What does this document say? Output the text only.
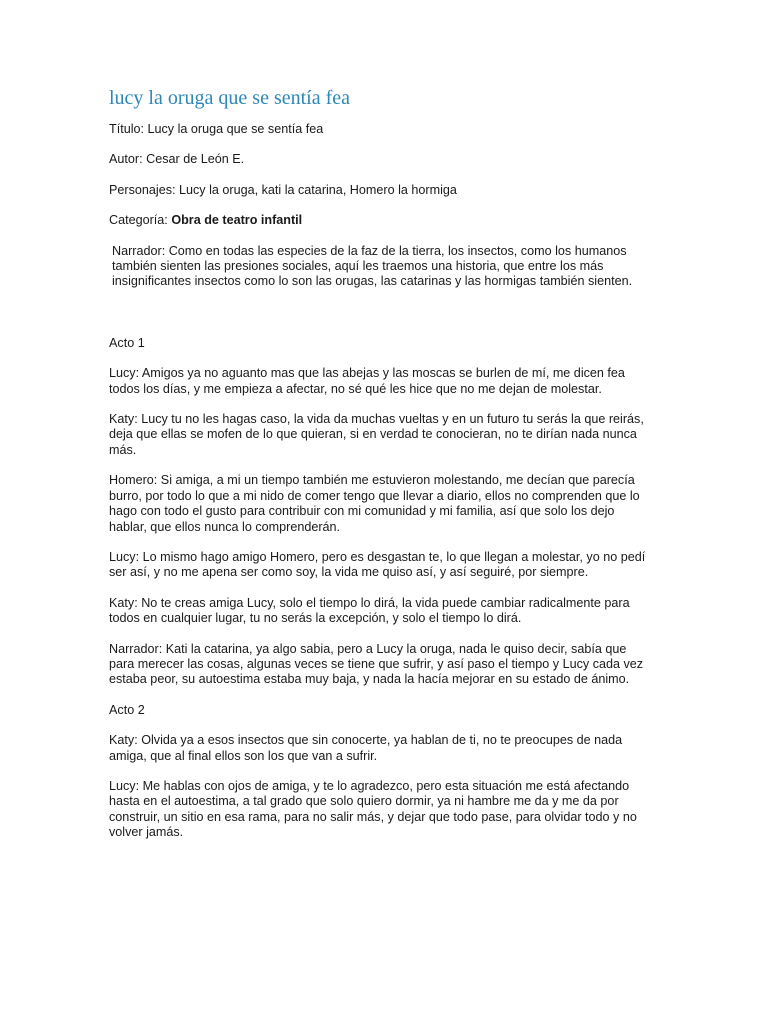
lucy la oruga que se sentía fea

Título: Lucy la oruga que se sentía fea

Autor: Cesar de León E.

Personajes: Lucy la oruga, kati la catarina, Homero la hormiga

Categoría: Obra de teatro infantil

Narrador: Como en todas las especies de la faz de la tierra, los insectos, como los humanos también sienten las presiones sociales, aquí les traemos una historia, que entre los más insignificantes insectos como lo son las orugas, las catarinas y las hormigas también sienten.

Acto 1

Lucy: Amigos ya no aguanto mas que las abejas y las moscas se burlen de mí, me dicen fea todos los días, y me empieza a afectar, no sé qué les hice que no me dejan de molestar.

Katy: Lucy tu no les hagas caso, la vida da muchas vueltas y en un futuro tu serás la que reirás, deja que ellas se mofen de lo que quieran, si en verdad te conocieran, no te dirían nada nunca más.

Homero: Si amiga, a mi un tiempo también me estuvieron molestando, me decían que parecía burro, por todo lo que a mi nido de comer tengo que llevar a diario, ellos no comprenden que lo hago con todo el gusto para contribuir con mi comunidad y mi familia, así que solo los dejo hablar, que ellos nunca lo comprenderán.

Lucy: Lo mismo hago amigo Homero, pero es desgastan te, lo que llegan a molestar, yo no pedí ser así, y no me apena ser como soy, la vida me quiso así, y así seguiré, por siempre.

Katy: No te creas amiga Lucy, solo el tiempo lo dirá, la vida puede cambiar radicalmente para todos en cualquier lugar, tu no serás la excepción, y solo el tiempo lo dirá.

Narrador: Kati la catarina, ya algo sabia, pero a Lucy la oruga, nada le quiso decir, sabía que para merecer las cosas, algunas veces se tiene que sufrir, y así paso el tiempo y Lucy cada vez estaba peor, su autoestima estaba muy baja, y nada la hacía mejorar en su estado de ánimo.

Acto 2

Katy: Olvida ya a esos insectos que sin conocerte, ya hablan de ti, no te preocupes de nada amiga, que al final ellos son los que van a sufrir.

Lucy: Me hablas con ojos de amiga, y te lo agradezco, pero esta situación me está afectando hasta en el autoestima, a tal grado que solo quiero dormir, ya ni hambre me da y me da por construir, un sitio en esa rama, para no salir más, y dejar que todo pase, para olvidar todo y no volver jamás.
